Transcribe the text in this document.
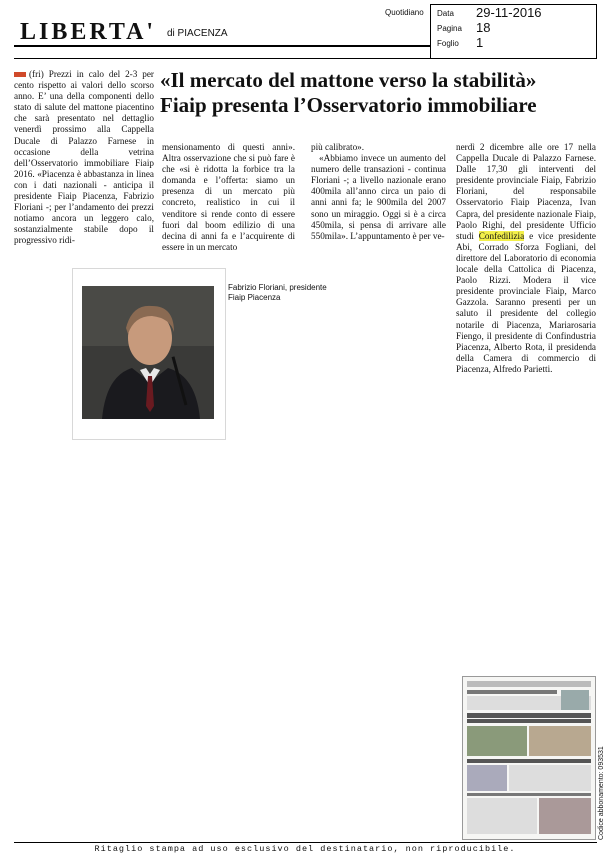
LIBERTA' di PIACENZA
Quotidiano Data 29-11-2016
Pagina 18
Foglio 1
«Il mercato del mattone verso la stabilità»
Fiaip presenta l’Osservatorio immobiliare

(fri) Prezzi in calo del 2-3 per cento rispetto ai valori dello scorso anno. E’ una della componenti dello stato di salute del mattone piacentino che sarà presentato nel dettaglio venerdì prossimo alla Cappella Ducale di Palazzo Farnese in occasione della vetrina dell’Osservatorio immobiliare Fiaip 2016. «Piacenza è abbastanza in linea con i dati nazionali - anticipa il presidente Fiaip Piacenza, Fabrizio Floriani -; per l’andamento dei prezzi notiamo ancora un leggero calo, sostanzialmente stabile dopo il progressivo ridi-

mensionamento di questi anni». Altra osservazione che si può fare è che «si è ridotta la forbice tra la domanda e l’offerta: siamo un presenza di un mercato più concreto, realistico in cui il venditore si rende conto di essere fuori dal boom edilizio di una decina di anni fa e l’acquirente di essere in un mercato

più calibrato».

«Abbiamo invece un aumento del numero delle transazioni - continua Floriani -; a livello nazionale erano 400mila all’anno circa un paio di anni anni fa; le 900mila del 2007 sono un miraggio. Oggi si è a circa 450mila, si pensa di arrivare alle 550mila». L’appuntamento è per ve-

nerdì 2 dicembre alle ore 17 nella Cappella Ducale di Palazzo Farnese. Dalle 17,30 gli interventi del presidente provinciale Fiaip, Fabrizio Floriani, del responsabile Osservatorio Fiaip Piacenza, Ivan Capra, del presidente nazionale Fiaip, Paolo Righi, del presidente Ufficio studi Confedilizia e vice presidente Abi, Corrado Sforza Fogliani, del direttore del Laboratorio di economia locale della Cattolica di Piacenza, Paolo Rizzi. Modera il vice presidente provinciale Fiaip, Marco Gazzola. Saranno presenti per un saluto il presidente del collegio notarile di Piacenza, Mariarosaria Fiengo, il presidente di Confindustria Piacenza, Alberto Rota, il presidenda della Camera di commercio di Piacenza, Alfredo Parietti.

Fabrizio Floriani, presidente Fiaip Piacenza
Codice abbonamento: 093531
Ritaglio stampa ad uso esclusivo del destinatario, non riproducibile.
